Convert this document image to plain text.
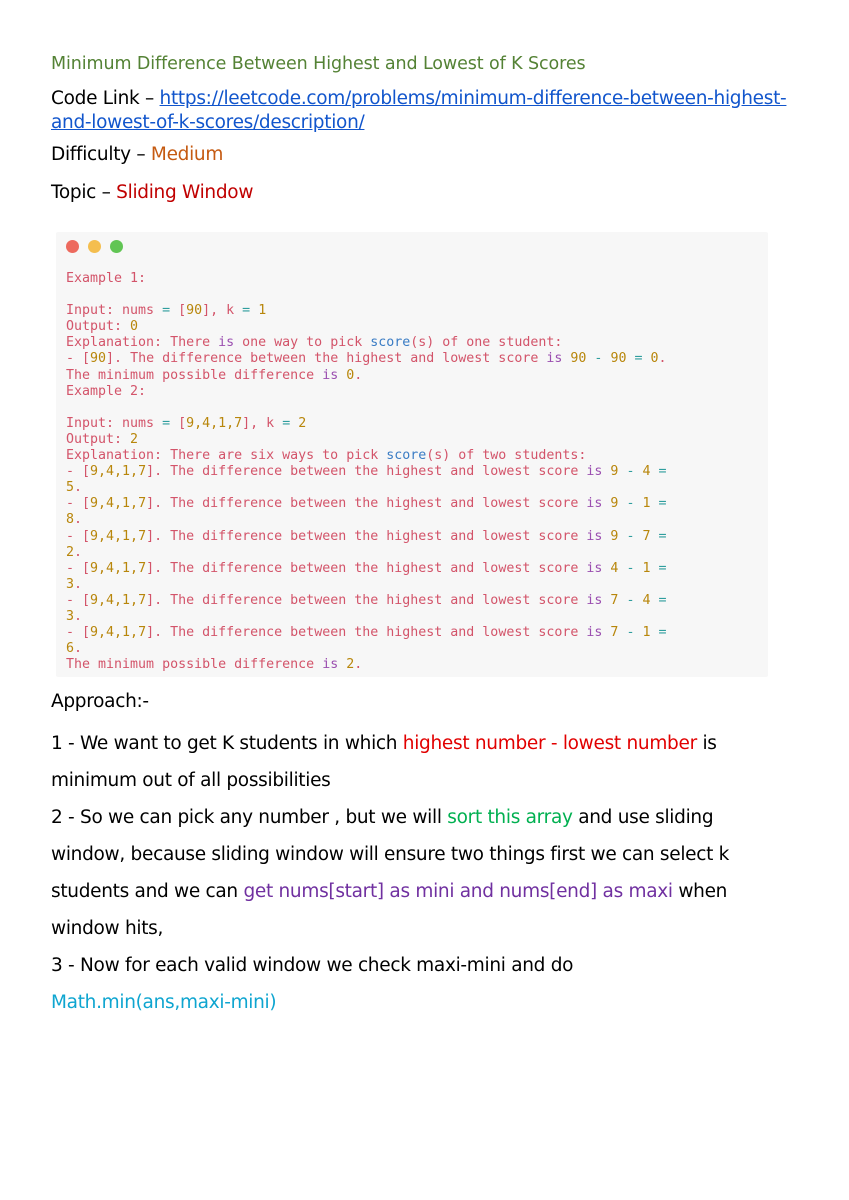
Minimum Difference Between Highest and Lowest of K Scores
Code Link – https://leetcode.com/problems/minimum-difference-between-highest-and-lowest-of-k-scores/description/
Difficulty – Medium
Topic – Sliding Window
Example 1:
Input: nums = [90], k = 1
Output: 0
Explanation: There is one way to pick score(s) of one student:
- [90]. The difference between the highest and lowest score is 90 - 90 = 0.
The minimum possible difference is 0.
Example 2:
Input: nums = [9,4,1,7], k = 2
Output: 2
Explanation: There are six ways to pick score(s) of two students:
- [9,4,1,7]. The difference between the highest and lowest score is 9 - 4 =
5.
- [9,4,1,7]. The difference between the highest and lowest score is 9 - 1 =
8.
- [9,4,1,7]. The difference between the highest and lowest score is 9 - 7 =
2.
- [9,4,1,7]. The difference between the highest and lowest score is 4 - 1 =
3.
- [9,4,1,7]. The difference between the highest and lowest score is 7 - 4 =
3.
- [9,4,1,7]. The difference between the highest and lowest score is 7 - 1 =
6.
The minimum possible difference is 2.
Approach:-

1 - We want to get K students in which highest number - lowest number is minimum out of all possibilities

2 - So we can pick any number , but we will sort this array and use sliding window, because sliding window will ensure two things first we can select k students and we can get nums[start] as mini and nums[end] as maxi when window hits,

3 - Now for each valid window we check maxi-mini and do

Math.min(ans,maxi-mini)
